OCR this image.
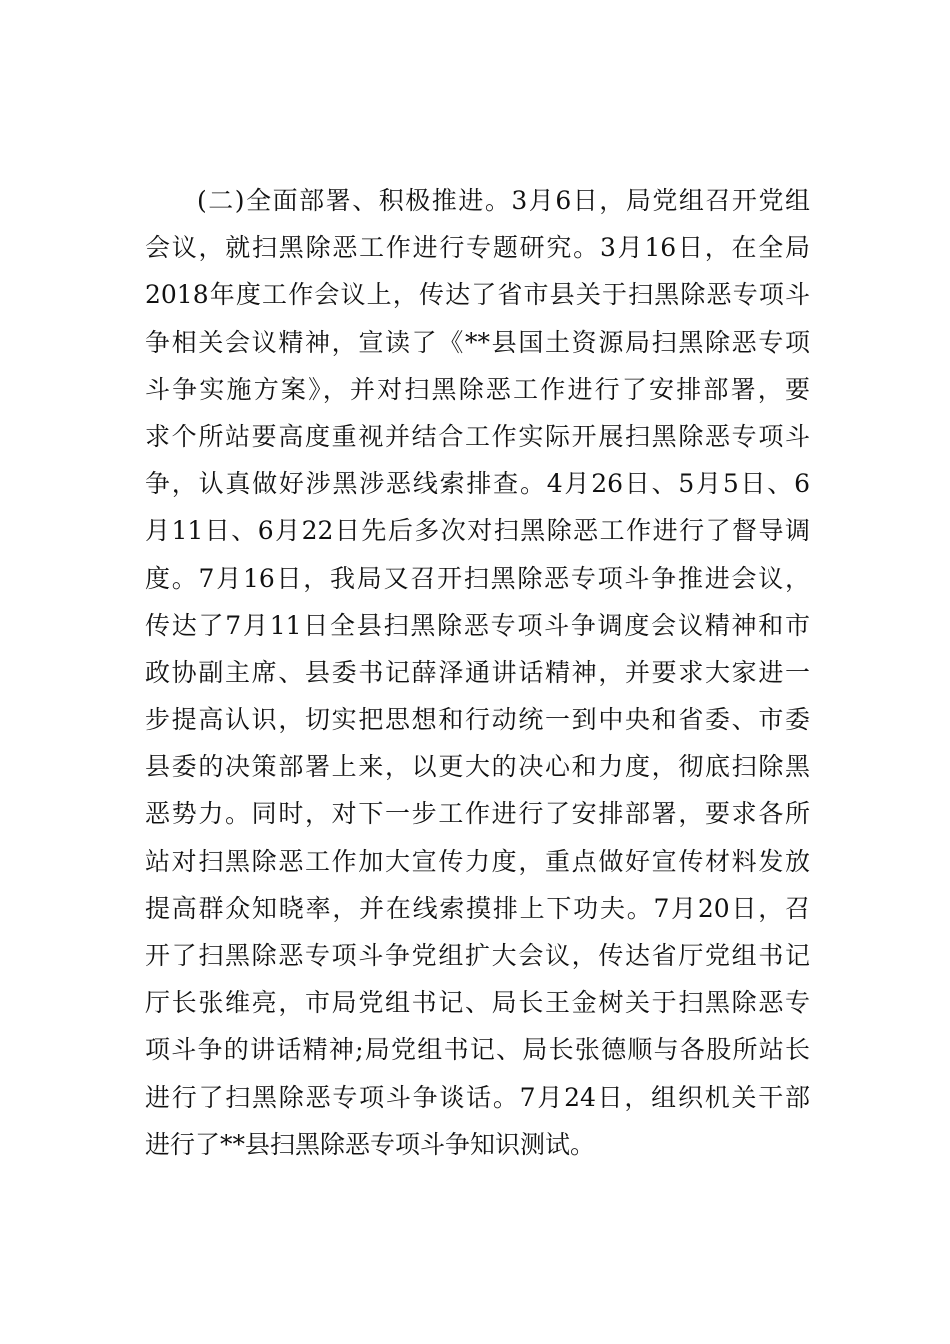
(二)全面部署、积极推进。3月6日，局党组召开党组
会议，就扫黑除恶工作进行专题研究。3月16日，在全局
2018年度工作会议上，传达了省市县关于扫黑除恶专项斗
争相关会议精神，宣读了《**县国土资源局扫黑除恶专项
斗争实施方案》，并对扫黑除恶工作进行了安排部署，要
求个所站要高度重视并结合工作实际开展扫黑除恶专项斗
争，认真做好涉黑涉恶线索排查。4月26日、5月5日、6
月11日、6月22日先后多次对扫黑除恶工作进行了督导调
度。7月16日，我局又召开扫黑除恶专项斗争推进会议，
传达了7月11日全县扫黑除恶专项斗争调度会议精神和市
政协副主席、县委书记薛泽通讲话精神，并要求大家进一
步提高认识，切实把思想和行动统一到中央和省委、市委
县委的决策部署上来，以更大的决心和力度，彻底扫除黑
恶势力。同时，对下一步工作进行了安排部署，要求各所
站对扫黑除恶工作加大宣传力度，重点做好宣传材料发放
提高群众知晓率，并在线索摸排上下功夫。7月20日，召
开了扫黑除恶专项斗争党组扩大会议，传达省厅党组书记
厅长张维亮，市局党组书记、局长王金树关于扫黑除恶专
项斗争的讲话精神;局党组书记、局长张德顺与各股所站长
进行了扫黑除恶专项斗争谈话。7月24日，组织机关干部
进行了**县扫黑除恶专项斗争知识测试。
